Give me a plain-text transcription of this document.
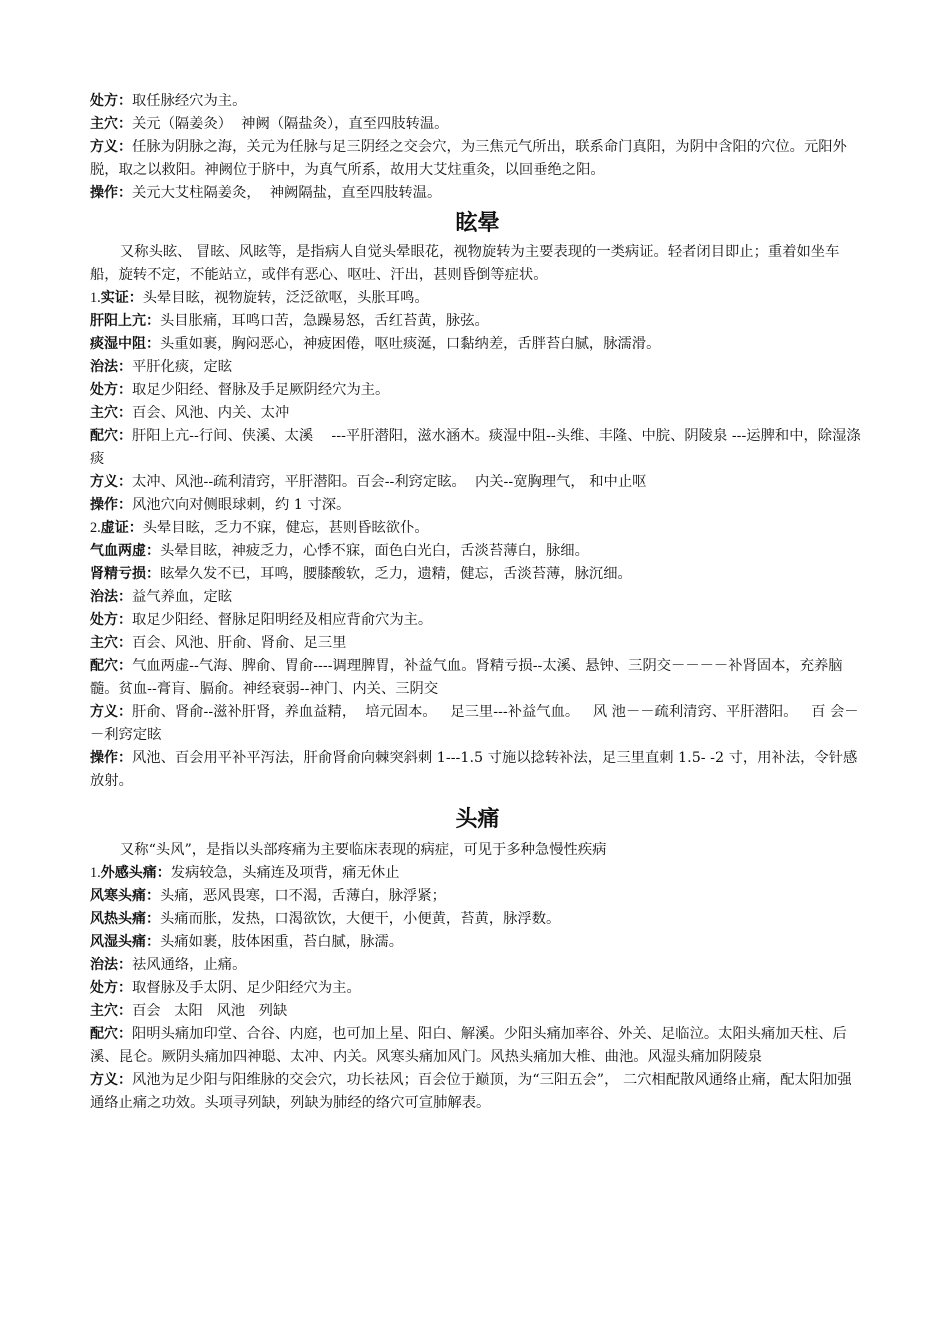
处方：取任脉经穴为主。

主穴：关元（隔姜灸）  神阙（隔盐灸），直至四肢转温。

方义：任脉为阴脉之海，关元为任脉与足三阴经之交会穴，为三焦元气所出，联系命门真阳，为阴中含阳的穴位。元阳外脱，取之以救阳。神阙位于脐中，为真气所系，故用大艾炷重灸，以回垂绝之阳。

操作：关元大艾柱隔姜灸，  神阙隔盐，直至四肢转温。

眩晕

又称头眩、 冒眩、风眩等，是指病人自觉头晕眼花，视物旋转为主要表现的一类病证。轻者闭目即止；重着如坐车船，旋转不定，不能站立，或伴有恶心、呕吐、汗出，甚则昏倒等症状。

1.实证：头晕目眩，视物旋转，泛泛欲呕，头胀耳鸣。

肝阳上亢：头目胀痛，耳鸣口苦，急躁易怒，舌红苔黄，脉弦。

痰湿中阻：头重如裹，胸闷恶心，神疲困倦，呕吐痰涎，口黏纳差，舌胖苔白腻，脉濡滑。

治法：平肝化痰，定眩

处方：取足少阳经、督脉及手足厥阴经穴为主。

主穴：百会、风池、内关、太冲

配穴：肝阳上亢--行间、侠溪、太溪    ---平肝潜阳，滋水涵木。痰湿中阻--头维、丰隆、中脘、阴陵泉 ---运脾和中，除湿涤痰

方义：太冲、风池--疏利清窍，平肝潜阳。百会--利窍定眩。  内关--宽胸理气， 和中止呕

操作：风池穴向对侧眼球刺，约 1 寸深。

2.虚证：头晕目眩，乏力不寐，健忘，甚则昏眩欲仆。

气血两虚：头晕目眩，神疲乏力，心悸不寐，面色白光白，舌淡苔薄白，脉细。

肾精亏损：眩晕久发不已，耳鸣，腰膝酸软，乏力，遗精，健忘，舌淡苔薄，脉沉细。

治法：益气养血，定眩

处方：取足少阳经、督脉足阳明经及相应背俞穴为主。

主穴：百会、风池、肝俞、肾俞、足三里

配穴：气血两虚--气海、脾俞、胃俞----调理脾胃，补益气血。肾精亏损--太溪、悬钟、三阴交－－－－补肾固本，充养脑髓。贫血--膏肓、膈俞。神经衰弱--神门、内关、三阴交

方义：肝俞、肾俞--滋补肝肾，养血益精，  培元固本。   足三里---补益气血。   风 池－－疏利清窍、平肝潜阳。   百 会－－利窍定眩

操作：风池、百会用平补平泻法，肝俞肾俞向棘突斜刺 1---1.5 寸施以捻转补法，足三里直刺 1.5- -2 寸，用补法，令针感放射。

头痛

又称“头风”，是指以头部疼痛为主要临床表现的病症，可见于多种急慢性疾病

1.外感头痛：发病较急，头痛连及项背，痛无休止

风寒头痛：头痛，恶风畏寒，口不渴，舌薄白，脉浮紧；

风热头痛：头痛而胀，发热，口渴欲饮，大便干，小便黄，苔黄，脉浮数。

风湿头痛：头痛如裹，肢体困重，苔白腻，脉濡。

治法：祛风通络，止痛。

处方：取督脉及手太阴、足少阳经穴为主。

主穴：百会   太阳   风池   列缺

配穴：阳明头痛加印堂、合谷、内庭，也可加上星、阳白、解溪。少阳头痛加率谷、外关、足临泣。太阳头痛加天柱、后溪、昆仑。厥阴头痛加四神聪、太冲、内关。风寒头痛加风门。风热头痛加大椎、曲池。风湿头痛加阴陵泉

方义：风池为足少阳与阳维脉的交会穴，功长祛风；百会位于巅顶，为“三阳五会”， 二穴相配散风通络止痛，配太阳加强通络止痛之功效。头项寻列缺，列缺为肺经的络穴可宣肺解表。
